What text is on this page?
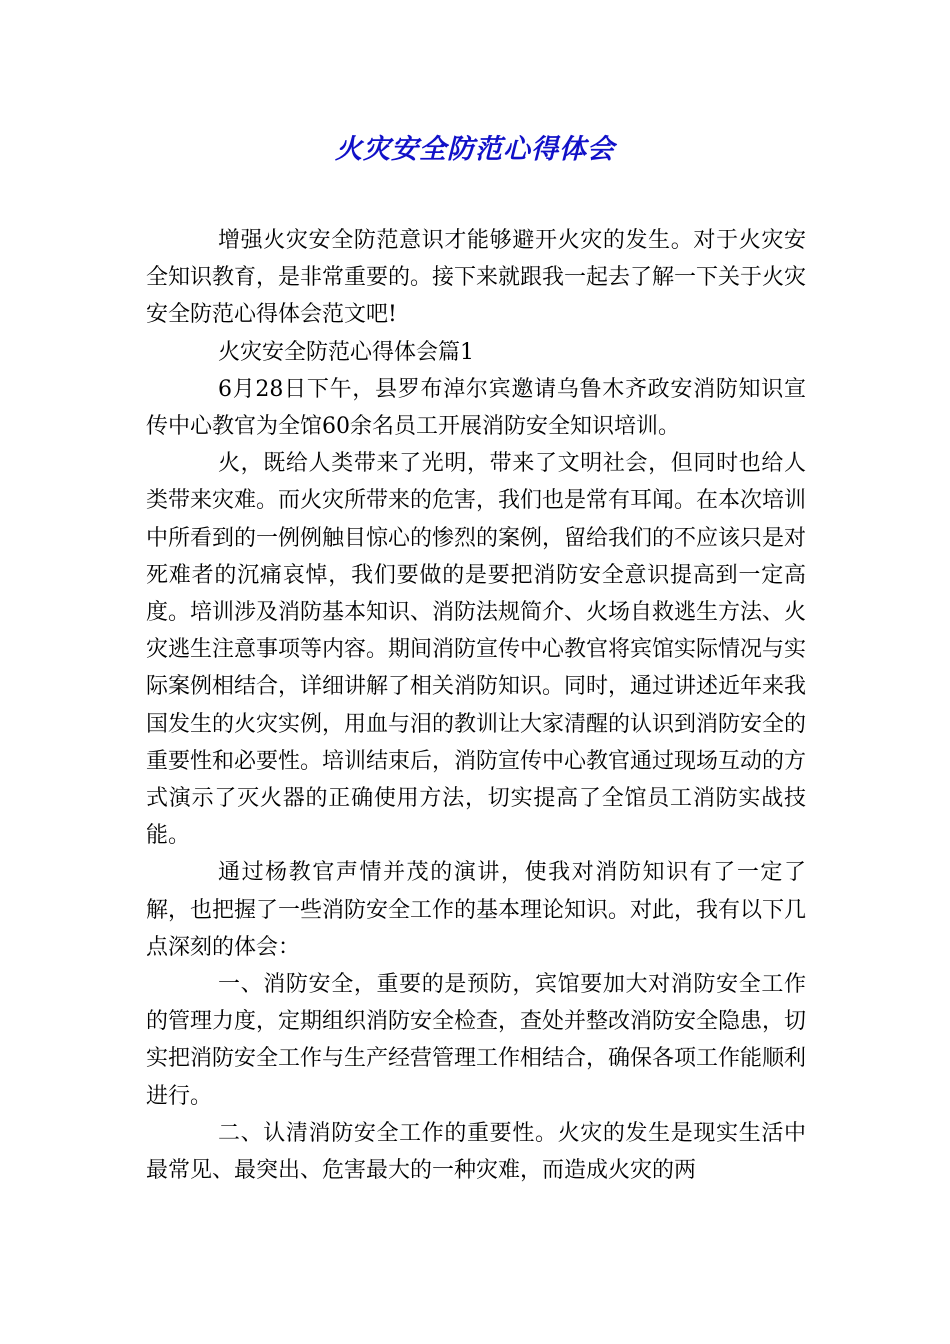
火灾安全防范心得体会

增强火灾安全防范意识才能够避开火灾的发生。对于火灾安全知识教育，是非常重要的。接下来就跟我一起去了解一下关于火灾安全防范心得体会范文吧!

火灾安全防范心得体会篇1

6月28日下午，县罗布淖尔宾邀请乌鲁木齐政安消防知识宣传中心教官为全馆60余名员工开展消防安全知识培训。

火，既给人类带来了光明，带来了文明社会，但同时也给人类带来灾难。而火灾所带来的危害，我们也是常有耳闻。在本次培训中所看到的一例例触目惊心的惨烈的案例，留给我们的不应该只是对死难者的沉痛哀悼，我们要做的是要把消防安全意识提高到一定高度。培训涉及消防基本知识、消防法规简介、火场自救逃生方法、火灾逃生注意事项等内容。期间消防宣传中心教官将宾馆实际情况与实际案例相结合，详细讲解了相关消防知识。同时，通过讲述近年来我国发生的火灾实例，用血与泪的教训让大家清醒的认识到消防安全的重要性和必要性。培训结束后，消防宣传中心教官通过现场互动的方式演示了灭火器的正确使用方法，切实提高了全馆员工消防实战技能。

通过杨教官声情并茂的演讲，使我对消防知识有了一定了解，也把握了一些消防安全工作的基本理论知识。对此，我有以下几点深刻的体会：

一、消防安全，重要的是预防，宾馆要加大对消防安全工作的管理力度，定期组织消防安全检查，查处并整改消防安全隐患，切实把消防安全工作与生产经营管理工作相结合，确保各项工作能顺利进行。

二、认清消防安全工作的重要性。火灾的发生是现实生活中最常见、最突出、危害最大的一种灾难，而造成火灾的两
